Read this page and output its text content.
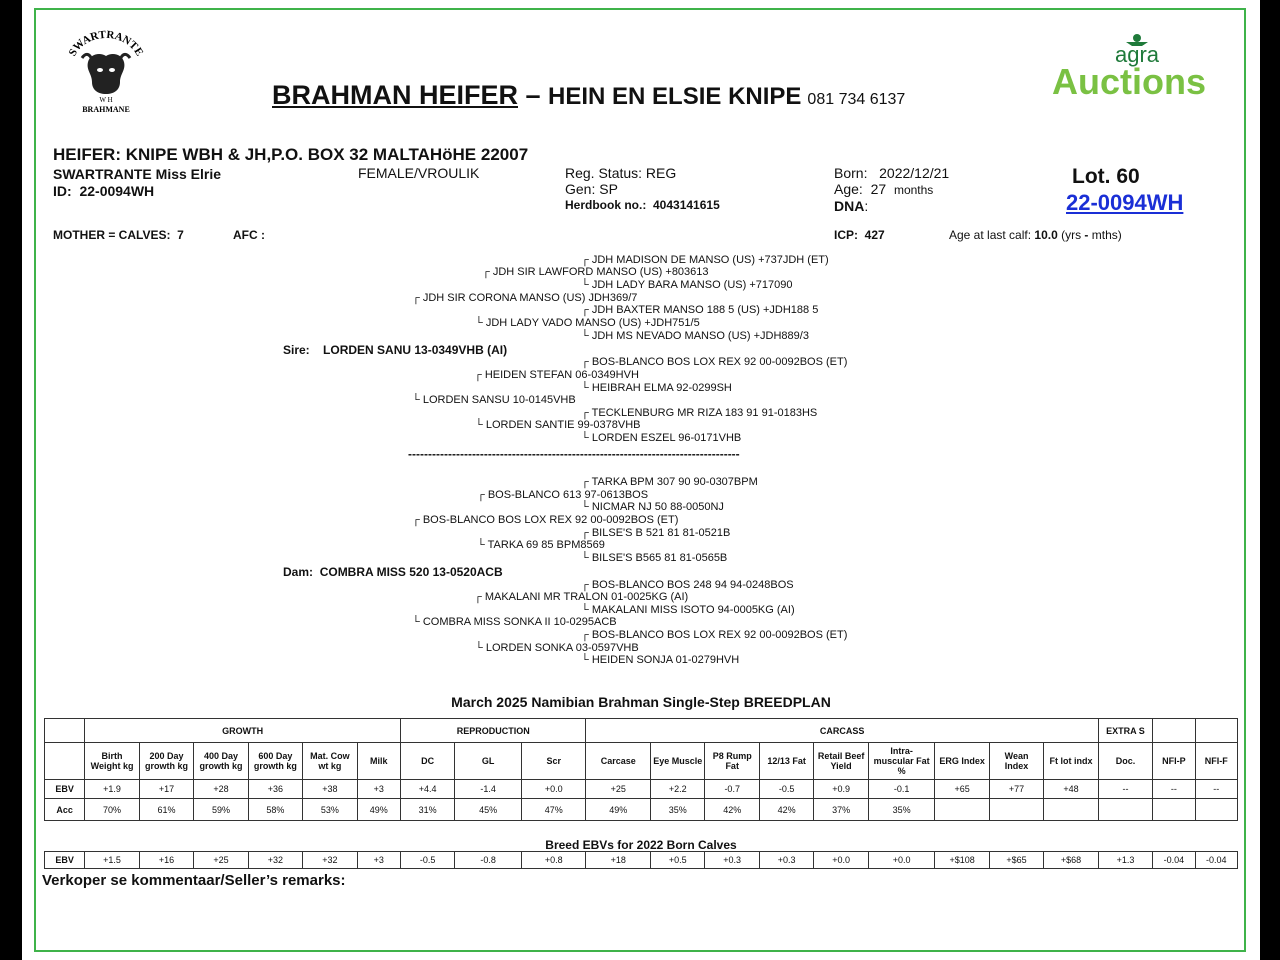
SWARTRANTE
W H
BRAHMANE
agra
Auctions
BRAHMAN HEIFER – HEIN EN ELSIE KNIPE 081 734 6137
HEIFER: KNIPE WBH & JH,P.O. BOX 32 MALTAHöHE 22007
SWARTRANTE Miss Elrie
ID: 22-0094WH
FEMALE/VROULIK	Reg. Status: REG
Gen: SP
Herdbook no.: 4043141615
Born: 2022/12/21
Age: 27 months
DNA:
Lot. 60
22-0094WH
MOTHER = CALVES: 7	AFC :	ICP: 427	Age at last calf: 10.0 (yrs - mths)
┌ JDH MADISON DE MANSO (US) +737JDH (ET)
┌ JDH SIR LAWFORD MANSO (US) +803613
└ JDH LADY BARA MANSO (US) +717090
┌ JDH SIR CORONA MANSO (US) JDH369/7
┌ JDH BAXTER MANSO 188 5 (US) +JDH188 5
└ JDH LADY VADO MANSO (US) +JDH751/5
└ JDH MS NEVADO MANSO (US) +JDH889/3
Sire: LORDEN SANU 13-0349VHB (AI)
┌ BOS-BLANCO BOS LOX REX 92 00-0092BOS (ET)
┌ HEIDEN STEFAN 06-0349HVH
└ HEIBRAH ELMA 92-0299SH
└ LORDEN SANSU 10-0145VHB
┌ TECKLENBURG MR RIZA 183 91 91-0183HS
└ LORDEN SANTIE 99-0378VHB
└ LORDEN ESZEL 96-0171VHB
-----------------------------------------------------------------------------------
┌ TARKA BPM 307 90 90-0307BPM
┌ BOS-BLANCO 613 97-0613BOS
└ NICMAR NJ 50 88-0050NJ
┌ BOS-BLANCO BOS LOX REX 92 00-0092BOS (ET)
┌ BILSE'S B 521 81 81-0521B
└ TARKA 69 85 BPM8569
└ BILSE'S B565 81 81-0565B
Dam: COMBRA MISS 520 13-0520ACB
┌ BOS-BLANCO BOS 248 94 94-0248BOS
┌ MAKALANI MR TRALON 01-0025KG (AI)
└ MAKALANI MISS ISOTO 94-0005KG (AI)
└ COMBRA MISS SONKA II 10-0295ACB
┌ BOS-BLANCO BOS LOX REX 92 00-0092BOS (ET)
└ LORDEN SONKA 03-0597VHB
└ HEIDEN SONJA 01-0279HVH
March 2025 Namibian Brahman Single-Step BREEDPLAN
	GROWTH						REPRODUCTION			CARCASS									EXTRA S		
	Birth Weight kg	200 Day growth kg	400 Day growth kg	600 Day growth kg	Mat. Cow wt kg	Milk	DC	GL	Scr	Carcase	Eye Muscle	P8 Rump Fat	12/13 Fat	Retail Beef Yield	Intra-muscular Fat %	ERG Index	Wean Index	Ft lot indx	Doc.	NFI-P	NFI-F
EBV	+1.9	+17	+28	+36	+38	+3	+4.4	-1.4	+0.0	+25	+2.2	-0.7	-0.5	+0.9	-0.1	+65	+77	+48	--	--	--
Acc	70%	61%	59%	58%	53%	49%	31%	45%	47%	49%	35%	42%	42%	37%	35%						
Breed EBVs for 2022 Born Calves
EBV	+1.5	+16	+25	+32	+32	+3	-0.5	-0.8	+0.8	+18	+0.5	+0.3	+0.3	+0.0	+0.0	+$108	+$65	+$68	+1.3	-0.04	-0.04
Verkoper se kommentaar/Seller’s remarks:
